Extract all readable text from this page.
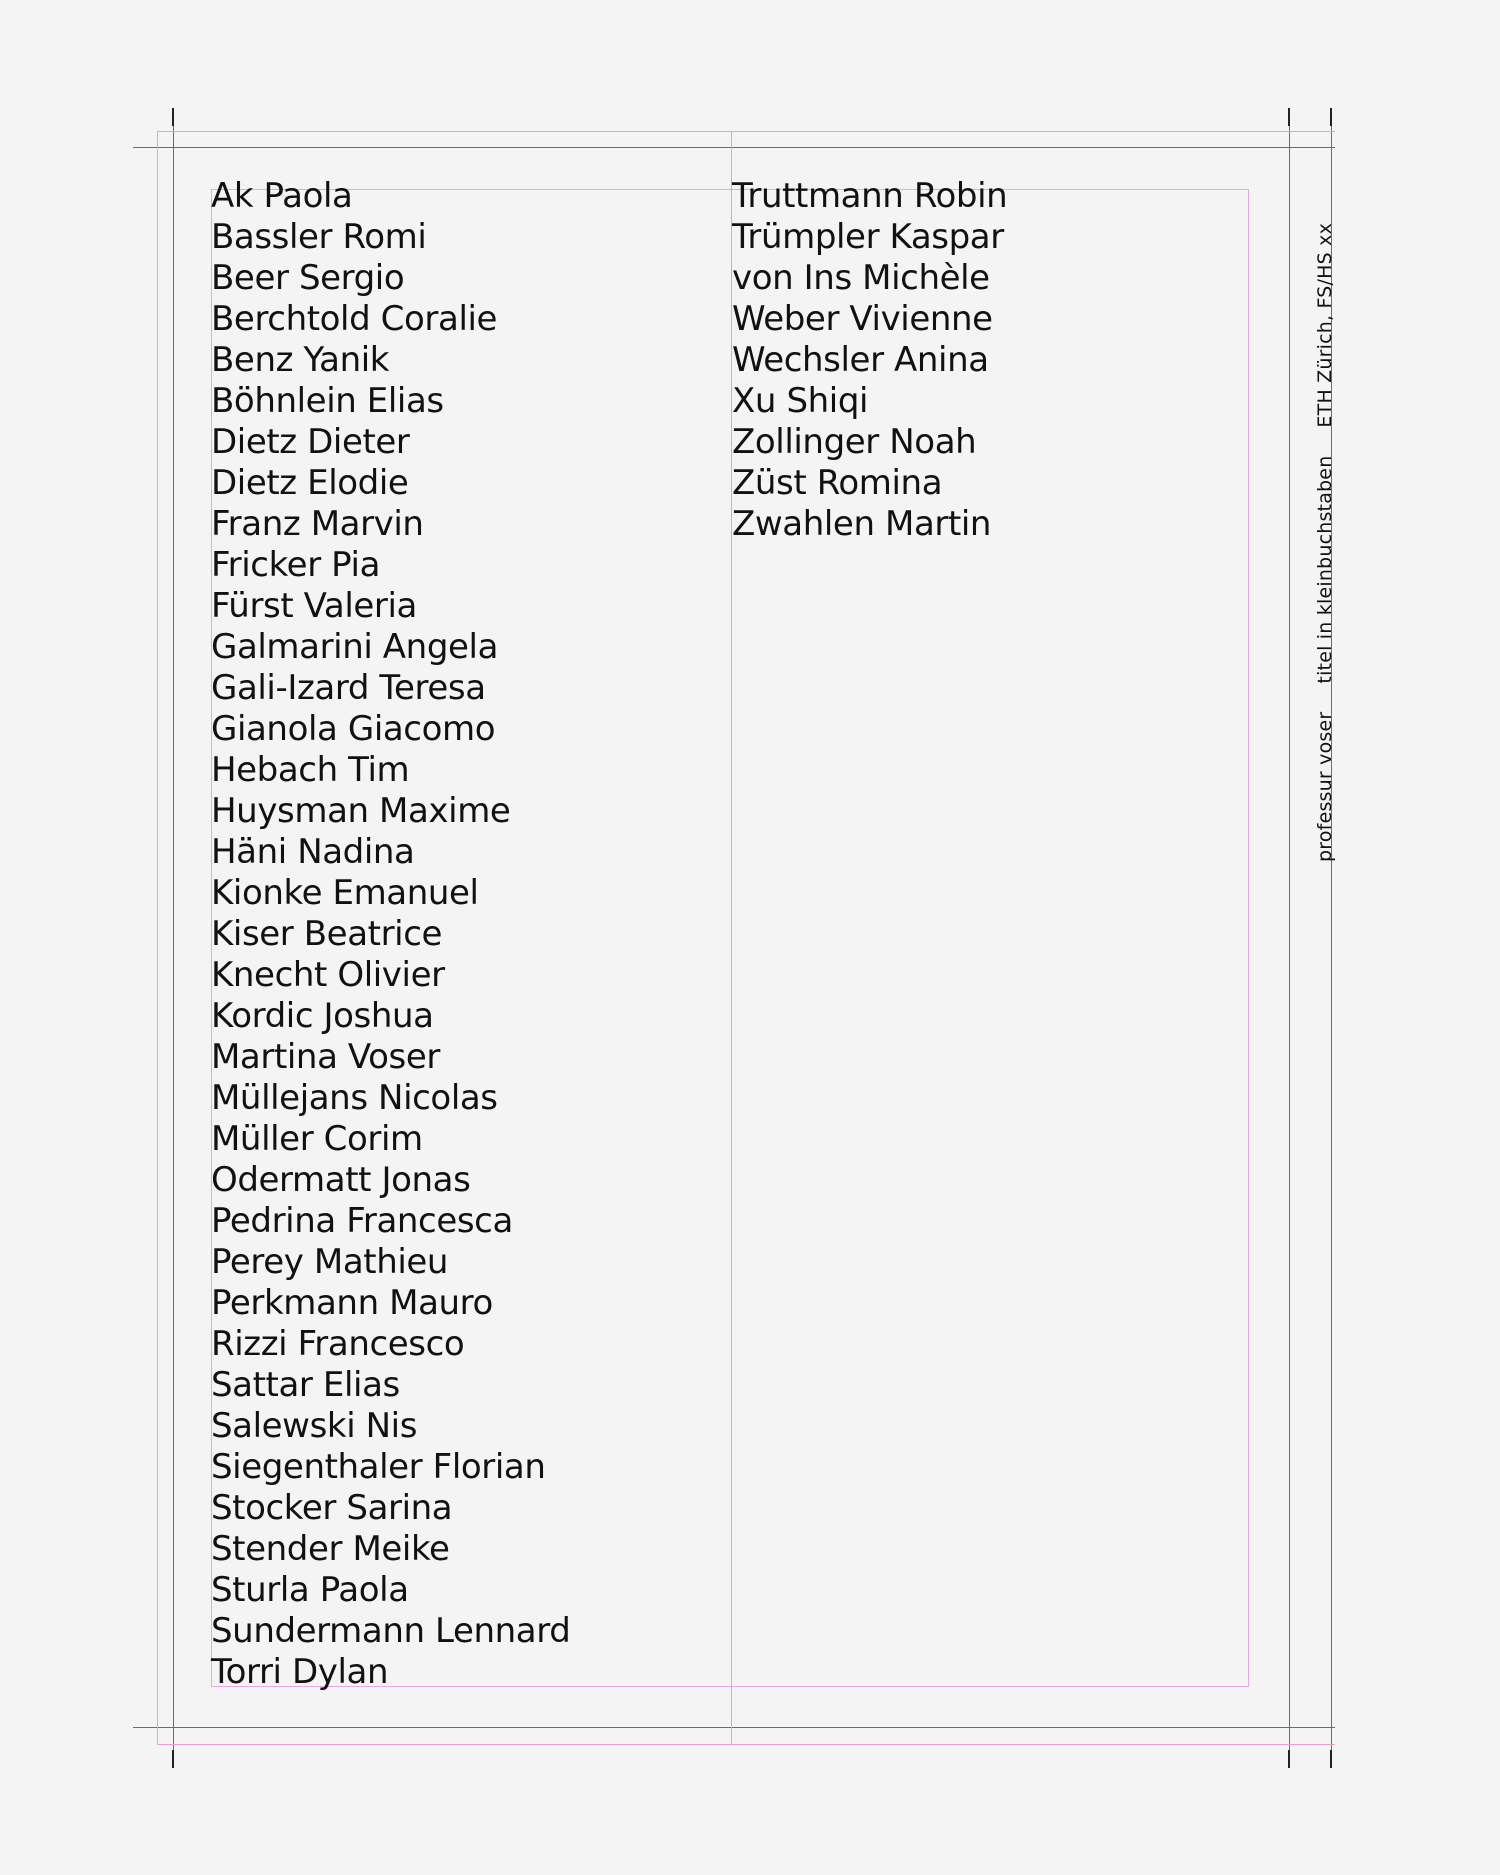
Ak Paola
Bassler Romi
Beer Sergio
Berchtold Coralie
Benz Yanik
Böhnlein Elias
Dietz Dieter
Dietz Elodie
Franz Marvin
Fricker Pia
Fürst Valeria
Galmarini Angela
Gali-Izard Teresa
Gianola Giacomo
Hebach Tim
Huysman Maxime
Häni Nadina
Kionke Emanuel
Kiser Beatrice
Knecht Olivier
Kordic Joshua
Martina Voser
Müllejans Nicolas
Müller Corim
Odermatt Jonas
Pedrina Francesca
Perey Mathieu
Perkmann Mauro
Rizzi Francesco
Sattar Elias
Salewski Nis
Siegenthaler Florian
Stocker Sarina
Stender Meike
Sturla Paola
Sundermann Lennard
Torri Dylan
Truttmann Robin
Trümpler Kaspar
von Ins Michèle
Weber Vivienne
Wechsler Anina
Xu Shiqi
Zollinger Noah
Züst Romina
Zwahlen Martin
professur vosertitel in kleinbuchstabenETH Zürich, FS/HS xx
